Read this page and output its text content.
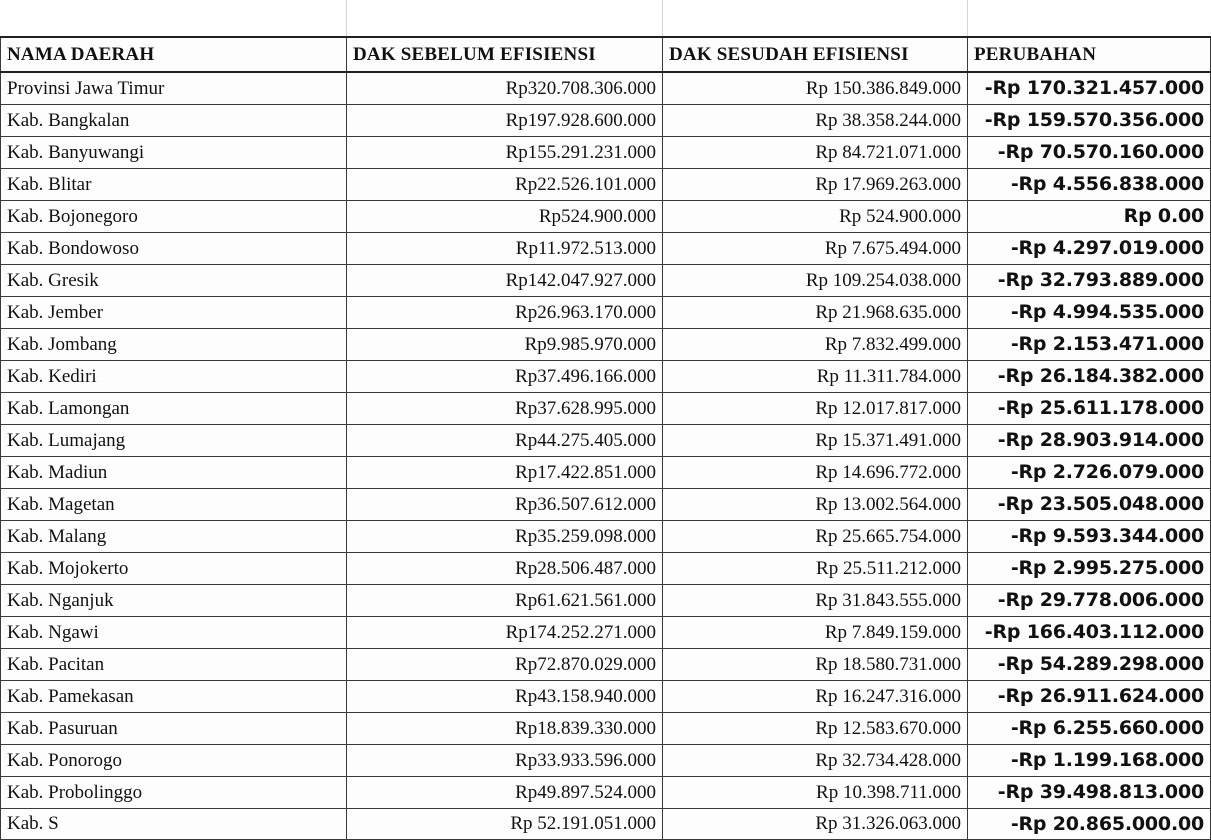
NAMA DAERAH	DAK SEBELUM EFISIENSI	DAK SESUDAH EFISIENSI	PERUBAHAN
Provinsi Jawa Timur	Rp320.708.306.000	Rp 150.386.849.000	-Rp 170.321.457.000
Kab. Bangkalan	Rp197.928.600.000	Rp 38.358.244.000	-Rp 159.570.356.000
Kab. Banyuwangi	Rp155.291.231.000	Rp 84.721.071.000	-Rp 70.570.160.000
Kab. Blitar	Rp22.526.101.000	Rp 17.969.263.000	-Rp 4.556.838.000
Kab. Bojonegoro	Rp524.900.000	Rp 524.900.000	Rp 0.00
Kab. Bondowoso	Rp11.972.513.000	Rp 7.675.494.000	-Rp 4.297.019.000
Kab. Gresik	Rp142.047.927.000	Rp 109.254.038.000	-Rp 32.793.889.000
Kab. Jember	Rp26.963.170.000	Rp 21.968.635.000	-Rp 4.994.535.000
Kab. Jombang	Rp9.985.970.000	Rp 7.832.499.000	-Rp 2.153.471.000
Kab. Kediri	Rp37.496.166.000	Rp 11.311.784.000	-Rp 26.184.382.000
Kab. Lamongan	Rp37.628.995.000	Rp 12.017.817.000	-Rp 25.611.178.000
Kab. Lumajang	Rp44.275.405.000	Rp 15.371.491.000	-Rp 28.903.914.000
Kab. Madiun	Rp17.422.851.000	Rp 14.696.772.000	-Rp 2.726.079.000
Kab. Magetan	Rp36.507.612.000	Rp 13.002.564.000	-Rp 23.505.048.000
Kab. Malang	Rp35.259.098.000	Rp 25.665.754.000	-Rp 9.593.344.000
Kab. Mojokerto	Rp28.506.487.000	Rp 25.511.212.000	-Rp 2.995.275.000
Kab. Nganjuk	Rp61.621.561.000	Rp 31.843.555.000	-Rp 29.778.006.000
Kab. Ngawi	Rp174.252.271.000	Rp 7.849.159.000	-Rp 166.403.112.000
Kab. Pacitan	Rp72.870.029.000	Rp 18.580.731.000	-Rp 54.289.298.000
Kab. Pamekasan	Rp43.158.940.000	Rp 16.247.316.000	-Rp 26.911.624.000
Kab. Pasuruan	Rp18.839.330.000	Rp 12.583.670.000	-Rp 6.255.660.000
Kab. Ponorogo	Rp33.933.596.000	Rp 32.734.428.000	-Rp 1.199.168.000
Kab. Probolinggo	Rp49.897.524.000	Rp 10.398.711.000	-Rp 39.498.813.000
Kab. S	Rp 52.191.051.000	Rp 31.326.063.000	-Rp 20.865.000.00
